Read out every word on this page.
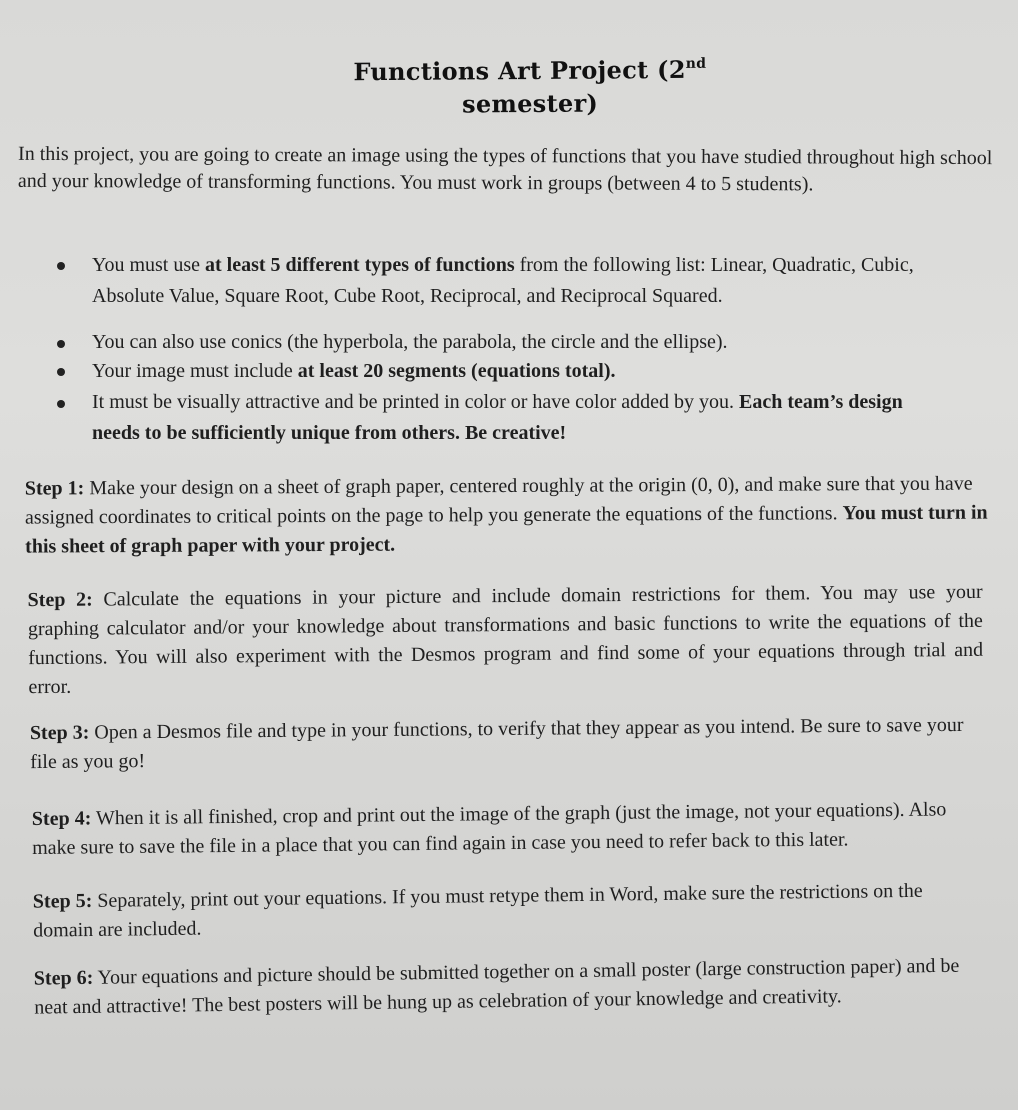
Functions Art Project (2nd
semester)
In this project, you are going to create an image using the types of functions that you have studied throughout high school and your knowledge of transforming functions. You must work in groups (between 4 to 5 students).
You must use at least 5 different types of functions from the following list: Linear, Quadratic, Cubic, Absolute Value, Square Root, Cube Root, Reciprocal, and Reciprocal Squared.
You can also use conics (the hyperbola, the parabola, the circle and the ellipse).
Your image must include at least 20 segments (equations total).
It must be visually attractive and be printed in color or have color added by you. Each team’s design needs to be sufficiently unique from others. Be creative!
Step 1: Make your design on a sheet of graph paper, centered roughly at the origin (0, 0), and make sure that you have assigned coordinates to critical points on the page to help you generate the equations of the functions. You must turn in this sheet of graph paper with your project.
Step 2: Calculate the equations in your picture and include domain restrictions for them. You may use your graphing calculator and/or your knowledge about transformations and basic functions to write the equations of the functions. You will also experiment with the Desmos program and find some of your equations through trial and error.
Step 3: Open a Desmos file and type in your functions, to verify that they appear as you intend. Be sure to save your file as you go!
Step 4: When it is all finished, crop and print out the image of the graph (just the image, not your equations). Also make sure to save the file in a place that you can find again in case you need to refer back to this later.
Step 5: Separately, print out your equations. If you must retype them in Word, make sure the restrictions on the domain are included.
Step 6: Your equations and picture should be submitted together on a small poster (large construction paper) and be neat and attractive! The best posters will be hung up as celebration of your knowledge and creativity.
